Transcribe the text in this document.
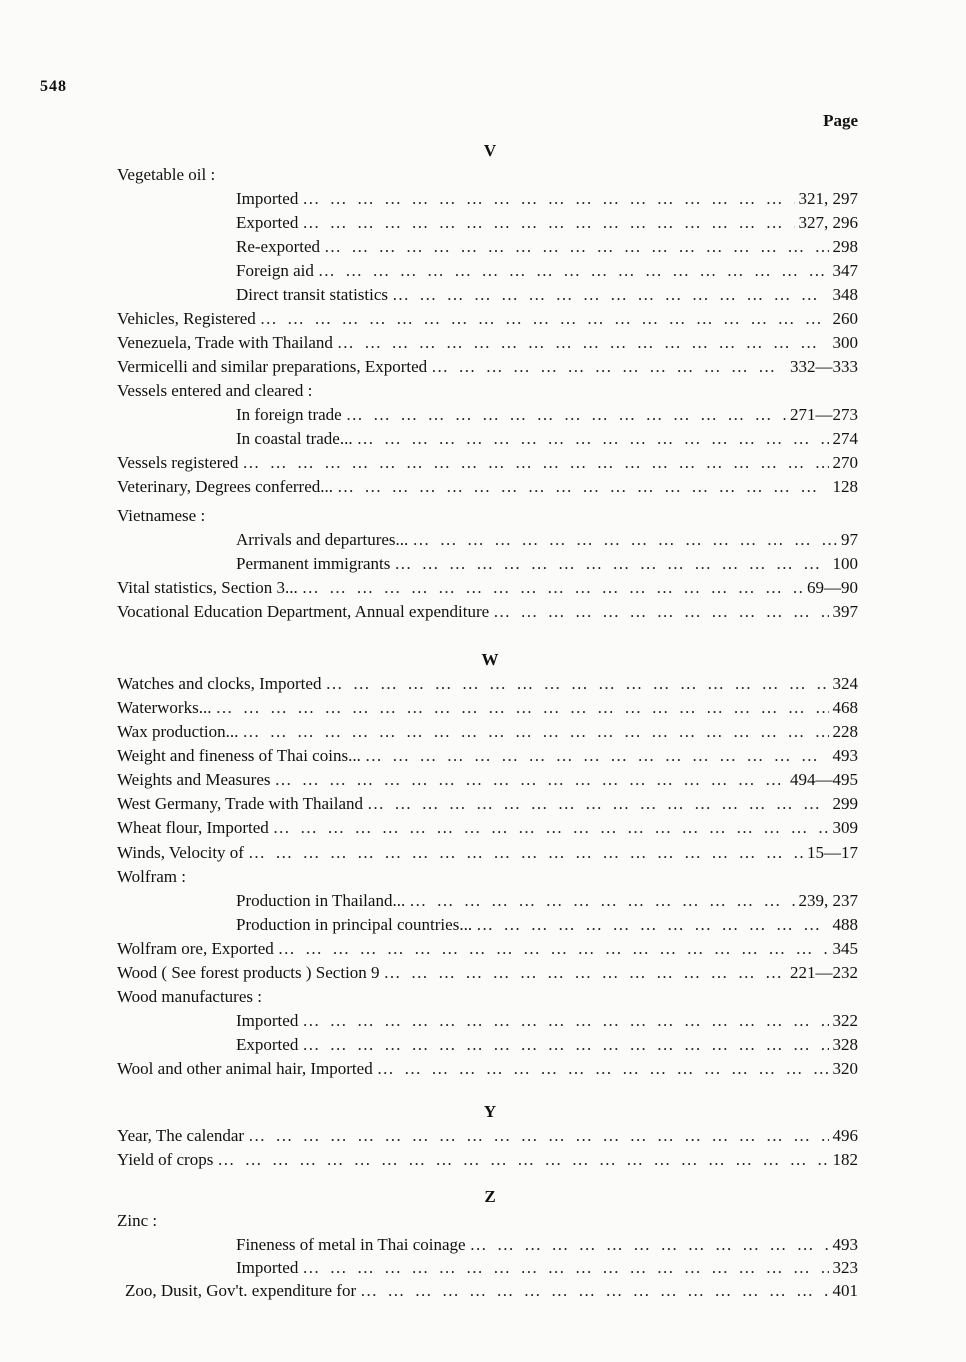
548
Page
V
Vegetable oil :
Imported … … … … … … … … … … … … … … … … … … … … … … … … … … … … … … … … … … … … … … … … … …	321, 297
Exported … … … … … … … … … … … … … … … … … … … … … … … … … … … … … … … … … … … … … … … … … …	327, 296
Re-exported … … … … … … … … … … … … … … … … … … … … … … … … … … … … … … … … … … … … … … … … … …	298
Foreign aid … … … … … … … … … … … … … … … … … … … … … … … … … … … … … … … … … … … … … … … … … …	347
Direct transit statistics … … … … … … … … … … … … … … … … … … … … … … … … … … … … … … … … … … … … … … … … … …	348
Vehicles, Registered … … … … … … … … … … … … … … … … … … … … … … … … … … … … … … … … … … … … … … … … … …	260
Venezuela, Trade with Thailand … … … … … … … … … … … … … … … … … … … … … … … … … … … … … … … … … … … … … … … … … …	300
Vermicelli and similar preparations, Exported … … … … … … … … … … … … … … … … … … … … … … … … … … … … … … … … … … … … … … … … … …	332—333
Vessels entered and cleared :
In foreign trade … … … … … … … … … … … … … … … … … … … … … … … … … … … … … … … … … … … … … … … … … …	271—273
In coastal trade... … … … … … … … … … … … … … … … … … … … … … … … … … … … … … … … … … … … … … … … … … …	274
Vessels registered … … … … … … … … … … … … … … … … … … … … … … … … … … … … … … … … … … … … … … … … … …	270
Veterinary, Degrees conferred... … … … … … … … … … … … … … … … … … … … … … … … … … … … … … … … … … … … … … … … … … …	128
Vietnamese :
Arrivals and departures... … … … … … … … … … … … … … … … … … … … … … … … … … … … … … … … … … … … … … … … … … …	97
Permanent immigrants … … … … … … … … … … … … … … … … … … … … … … … … … … … … … … … … … … … … … … … … … …	100
Vital statistics, Section 3... … … … … … … … … … … … … … … … … … … … … … … … … … … … … … … … … … … … … … … … … … …	69—90
Vocational Education Department, Annual expenditure … … … … … … … … … … … … … … … … … … … … … … … … … … … … … … … … … … … … … … … … … …	397
W
Watches and clocks, Imported … … … … … … … … … … … … … … … … … … … … … … … … … … … … … … … … … … … … … … … … … …	324
Waterworks... … … … … … … … … … … … … … … … … … … … … … … … … … … … … … … … … … … … … … … … … … …	468
Wax production... … … … … … … … … … … … … … … … … … … … … … … … … … … … … … … … … … … … … … … … … … …	228
Weight and fineness of Thai coins... … … … … … … … … … … … … … … … … … … … … … … … … … … … … … … … … … … … … … … … … … …	493
Weights and Measures … … … … … … … … … … … … … … … … … … … … … … … … … … … … … … … … … … … … … … … … … …	494—495
West Germany, Trade with Thailand … … … … … … … … … … … … … … … … … … … … … … … … … … … … … … … … … … … … … … … … … …	299
Wheat flour, Imported … … … … … … … … … … … … … … … … … … … … … … … … … … … … … … … … … … … … … … … … … …	309
Winds, Velocity of … … … … … … … … … … … … … … … … … … … … … … … … … … … … … … … … … … … … … … … … … …	15—17
Wolfram :
Production in Thailand... … … … … … … … … … … … … … … … … … … … … … … … … … … … … … … … … … … … … … … … … … …	239, 237
Production in principal countries... … … … … … … … … … … … … … … … … … … … … … … … … … … … … … … … … … … … … … … … … … …	488
Wolfram ore, Exported … … … … … … … … … … … … … … … … … … … … … … … … … … … … … … … … … … … … … … … … … …	345
Wood ( See forest products ) Section 9 … … … … … … … … … … … … … … … … … … … … … … … … … … … … … … … … … … … … … … … … … …	221—232
Wood manufactures :
Imported … … … … … … … … … … … … … … … … … … … … … … … … … … … … … … … … … … … … … … … … … …	322
Exported … … … … … … … … … … … … … … … … … … … … … … … … … … … … … … … … … … … … … … … … … …	328
Wool and other animal hair, Imported … … … … … … … … … … … … … … … … … … … … … … … … … … … … … … … … … … … … … … … … … …	320
Y
Year, The calendar … … … … … … … … … … … … … … … … … … … … … … … … … … … … … … … … … … … … … … … … … …	496
Yield of crops … … … … … … … … … … … … … … … … … … … … … … … … … … … … … … … … … … … … … … … … … …	182
Z
Zinc :
Fineness of metal in Thai coinage … … … … … … … … … … … … … … … … … … … … … … … … … … … … … … … … … … … … … … … … … …	493
Imported … … … … … … … … … … … … … … … … … … … … … … … … … … … … … … … … … … … … … … … … … …	323
Zoo, Dusit, Gov't. expenditure for … … … … … … … … … … … … … … … … … … … … … … … … … … … … … … … … … … … … … … … … … …	401
